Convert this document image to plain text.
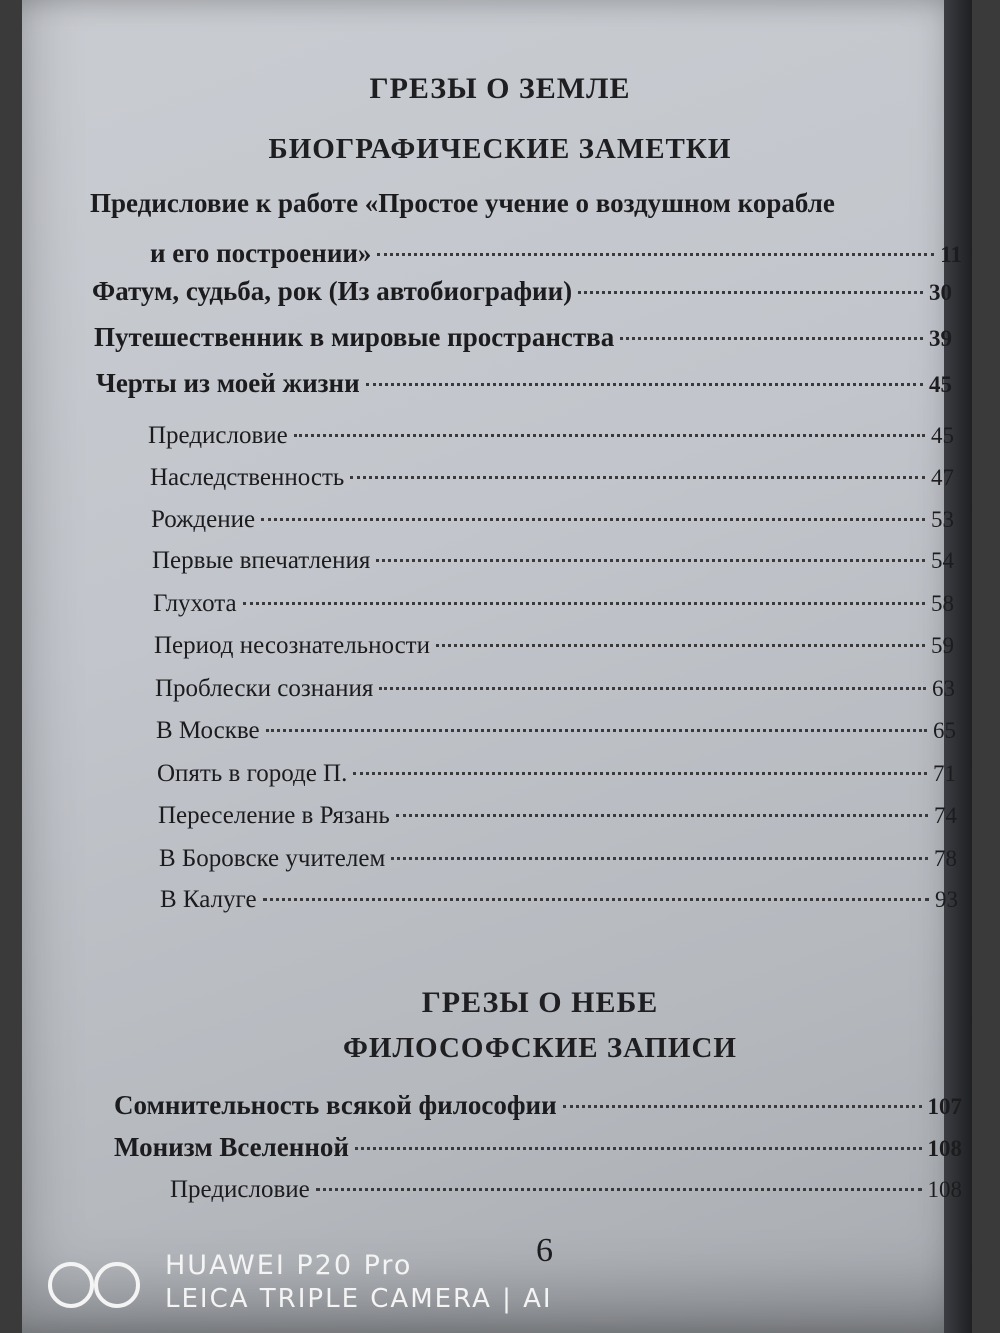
ГРЕЗЫ О ЗЕМЛЕ
БИОГРАФИЧЕСКИЕ ЗАМЕТКИ
Предисловие к работе «Простое учение о воздушном корабле
и его построении»	11
Фатум, судьба, рок (Из автобиографии)	30
Путешественник в мировые пространства	39
Черты из моей жизни	45
Предисловие	45
Наследственность	47
Рождение	53
Первые впечатления	54
Глухота	58
Период несознательности	59
Проблески сознания	63
В Москве	65
Опять в городе П.	71
Переселение в Рязань	74
В Боровске учителем	78
В Калуге	93
ГРЕЗЫ О НЕБЕ
ФИЛОСОФСКИЕ ЗАПИСИ
Сомнительность всякой философии	107
Монизм Вселенной	108
Предисловие	108
6
HUAWEI P20 Pro
LEICA TRIPLE CAMERA | AI
